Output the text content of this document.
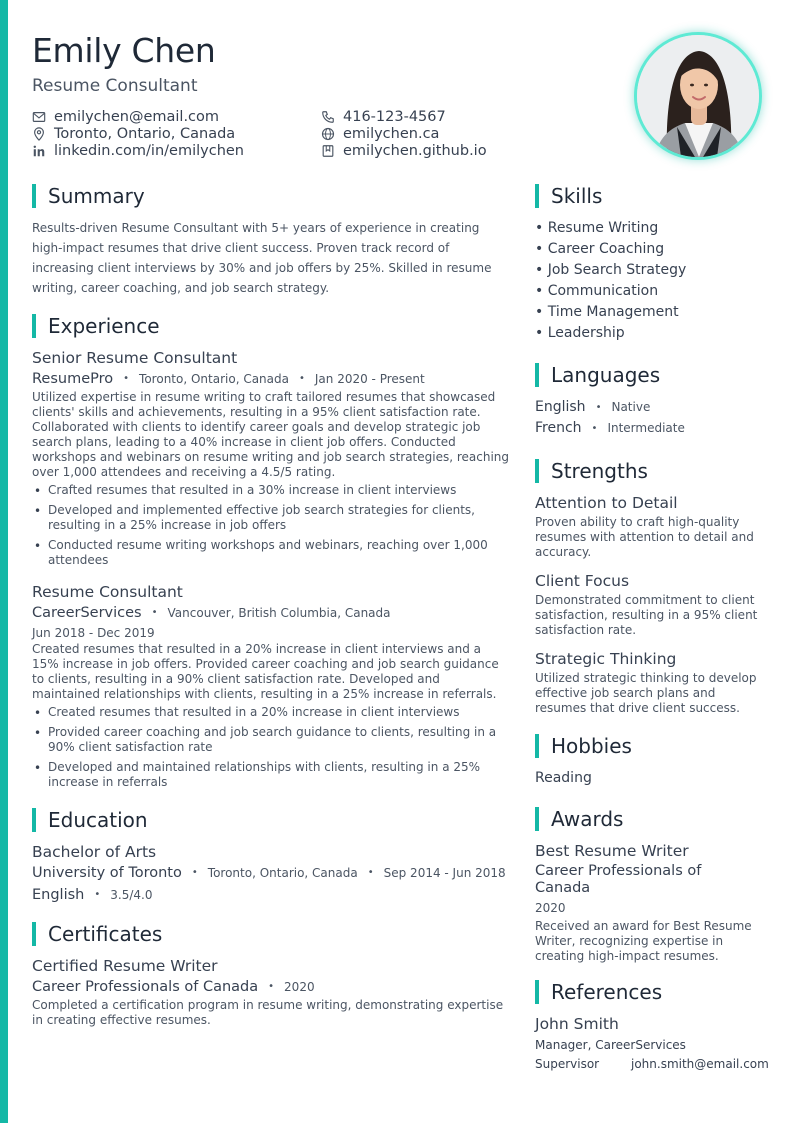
Emily Chen
Resume Consultant
emilychen@email.com	416-123-4567
Toronto, Ontario, Canada	emilychen.ca
linkedin.com/in/emilychen	emilychen.github.io
Summary
Results-driven Resume Consultant with 5+ years of experience in creating high-impact resumes that drive client success. Proven track record of increasing client interviews by 30% and job offers by 25%. Skilled in resume writing, career coaching, and job search strategy.
Experience
Senior Resume Consultant
ResumePro • Toronto, Ontario, Canada • Jan 2020 - Present
Utilized expertise in resume writing to craft tailored resumes that showcased clients' skills and achievements, resulting in a 95% client satisfaction rate. Collaborated with clients to identify career goals and develop strategic job search plans, leading to a 40% increase in client job offers. Conducted workshops and webinars on resume writing and job search strategies, reaching over 1,000 attendees and receiving a 4.5/5 rating.
• Crafted resumes that resulted in a 30% increase in client interviews
• Developed and implemented effective job search strategies for clients, resulting in a 25% increase in job offers
• Conducted resume writing workshops and webinars, reaching over 1,000 attendees
Resume Consultant
CareerServices • Vancouver, British Columbia, Canada
Jun 2018 - Dec 2019
Created resumes that resulted in a 20% increase in client interviews and a 15% increase in job offers. Provided career coaching and job search guidance to clients, resulting in a 90% client satisfaction rate. Developed and maintained relationships with clients, resulting in a 25% increase in referrals.
• Created resumes that resulted in a 20% increase in client interviews
• Provided career coaching and job search guidance to clients, resulting in a 90% client satisfaction rate
• Developed and maintained relationships with clients, resulting in a 25% increase in referrals
Education
Bachelor of Arts
University of Toronto • Toronto, Ontario, Canada • Sep 2014 - Jun 2018
English • 3.5/4.0
Certificates
Certified Resume Writer
Career Professionals of Canada • 2020
Completed a certification program in resume writing, demonstrating expertise in creating effective resumes.
Skills
• Resume Writing
• Career Coaching
• Job Search Strategy
• Communication
• Time Management
• Leadership
Languages
English • Native
French • Intermediate
Strengths
Attention to Detail
Proven ability to craft high-quality resumes with attention to detail and accuracy.
Client Focus
Demonstrated commitment to client satisfaction, resulting in a 95% client satisfaction rate.
Strategic Thinking
Utilized strategic thinking to develop effective job search plans and resumes that drive client success.
Hobbies
Reading
Awards
Best Resume Writer
Career Professionals of Canada
2020
Received an award for Best Resume Writer, recognizing expertise in creating high-impact resumes.
References
John Smith
Manager, CareerServices
Supervisor	john.smith@email.com
